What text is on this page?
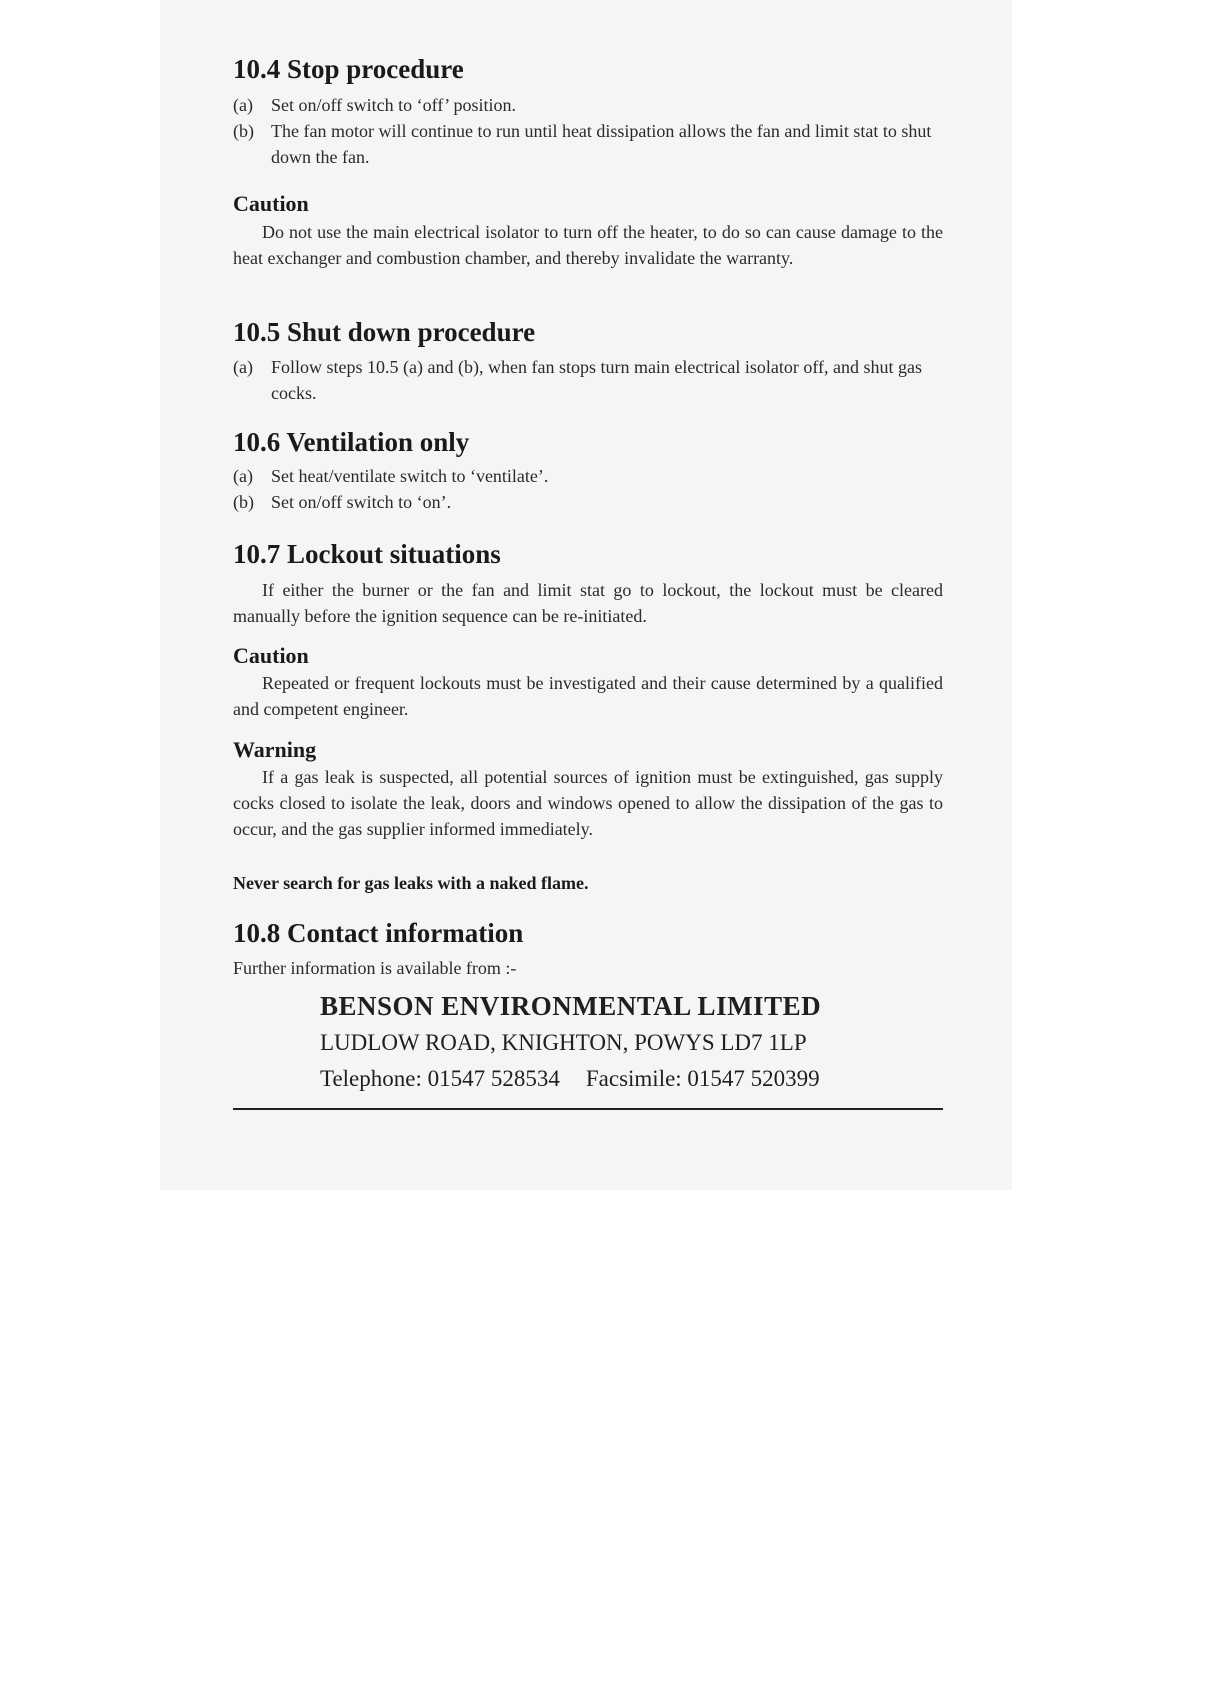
10.4 Stop procedure
(a) Set on/off switch to ‘off’ position.
(b) The fan motor will continue to run until heat dissipation allows the fan and limit stat to shut down the fan.
Caution
Do not use the main electrical isolator to turn off the heater, to do so can cause damage to the heat exchanger and combustion chamber, and thereby invalidate the warranty.
10.5 Shut down procedure
(a) Follow steps 10.5 (a) and (b), when fan stops turn main electrical isolator off, and shut gas cocks.
10.6 Ventilation only
(a) Set heat/ventilate switch to ‘ventilate’.
(b) Set on/off switch to ‘on’.
10.7 Lockout situations
If either the burner or the fan and limit stat go to lockout, the lockout must be cleared manually before the ignition sequence can be re-initiated.
Caution
Repeated or frequent lockouts must be investigated and their cause determined by a qualified and competent engineer.
Warning
If a gas leak is suspected, all potential sources of ignition must be extinguished, gas supply cocks closed to isolate the leak, doors and windows opened to allow the dissipation of the gas to occur, and the gas supplier informed immediately.
Never search for gas leaks with a naked flame.
10.8 Contact information
Further information is available from :-
BENSON ENVIRONMENTAL LIMITED
LUDLOW ROAD, KNIGHTON, POWYS LD7 1LP
Telephone: 01547 528534 Facsimile: 01547 520399
